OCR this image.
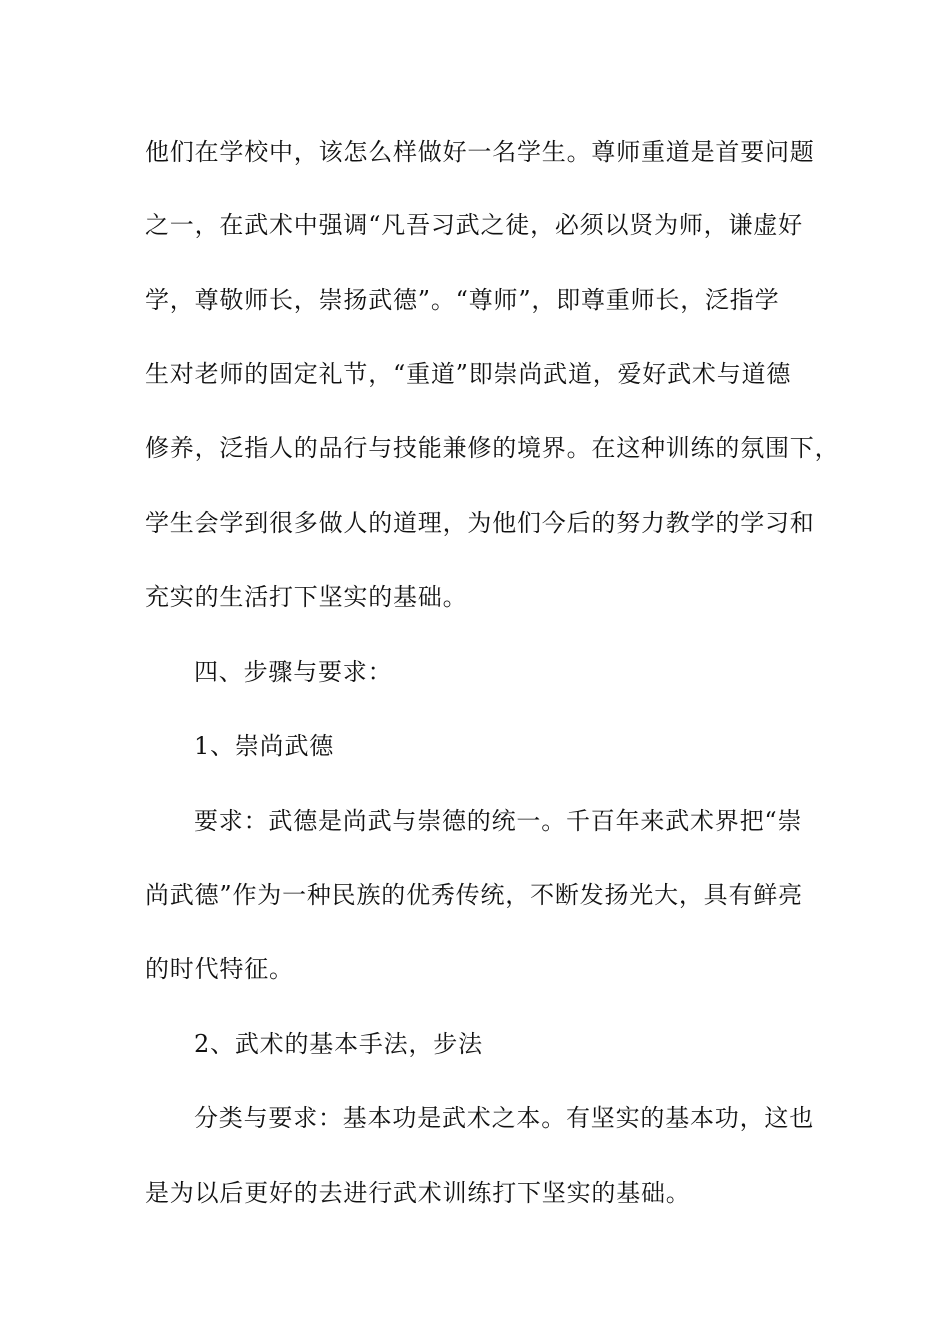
他们在学校中，该怎么样做好一名学生。尊师重道是首要问题
之一，在武术中强调“凡吾习武之徒，必须以贤为师，谦虚好
学，尊敬师长，崇扬武德”。“尊师”，即尊重师长，泛指学
生对老师的固定礼节，“重道”即崇尚武道，爱好武术与道德
修养，泛指人的品行与技能兼修的境界。在这种训练的氛围下，
学生会学到很多做人的道理，为他们今后的努力教学的学习和
充实的生活打下坚实的基础。
四、步骤与要求：
1、崇尚武德
要求：武德是尚武与崇德的统一。千百年来武术界把“崇
尚武德”作为一种民族的优秀传统，不断发扬光大，具有鲜亮
的时代特征。
2、武术的基本手法，步法
分类与要求：基本功是武术之本。有坚实的基本功，这也
是为以后更好的去进行武术训练打下坚实的基础。
